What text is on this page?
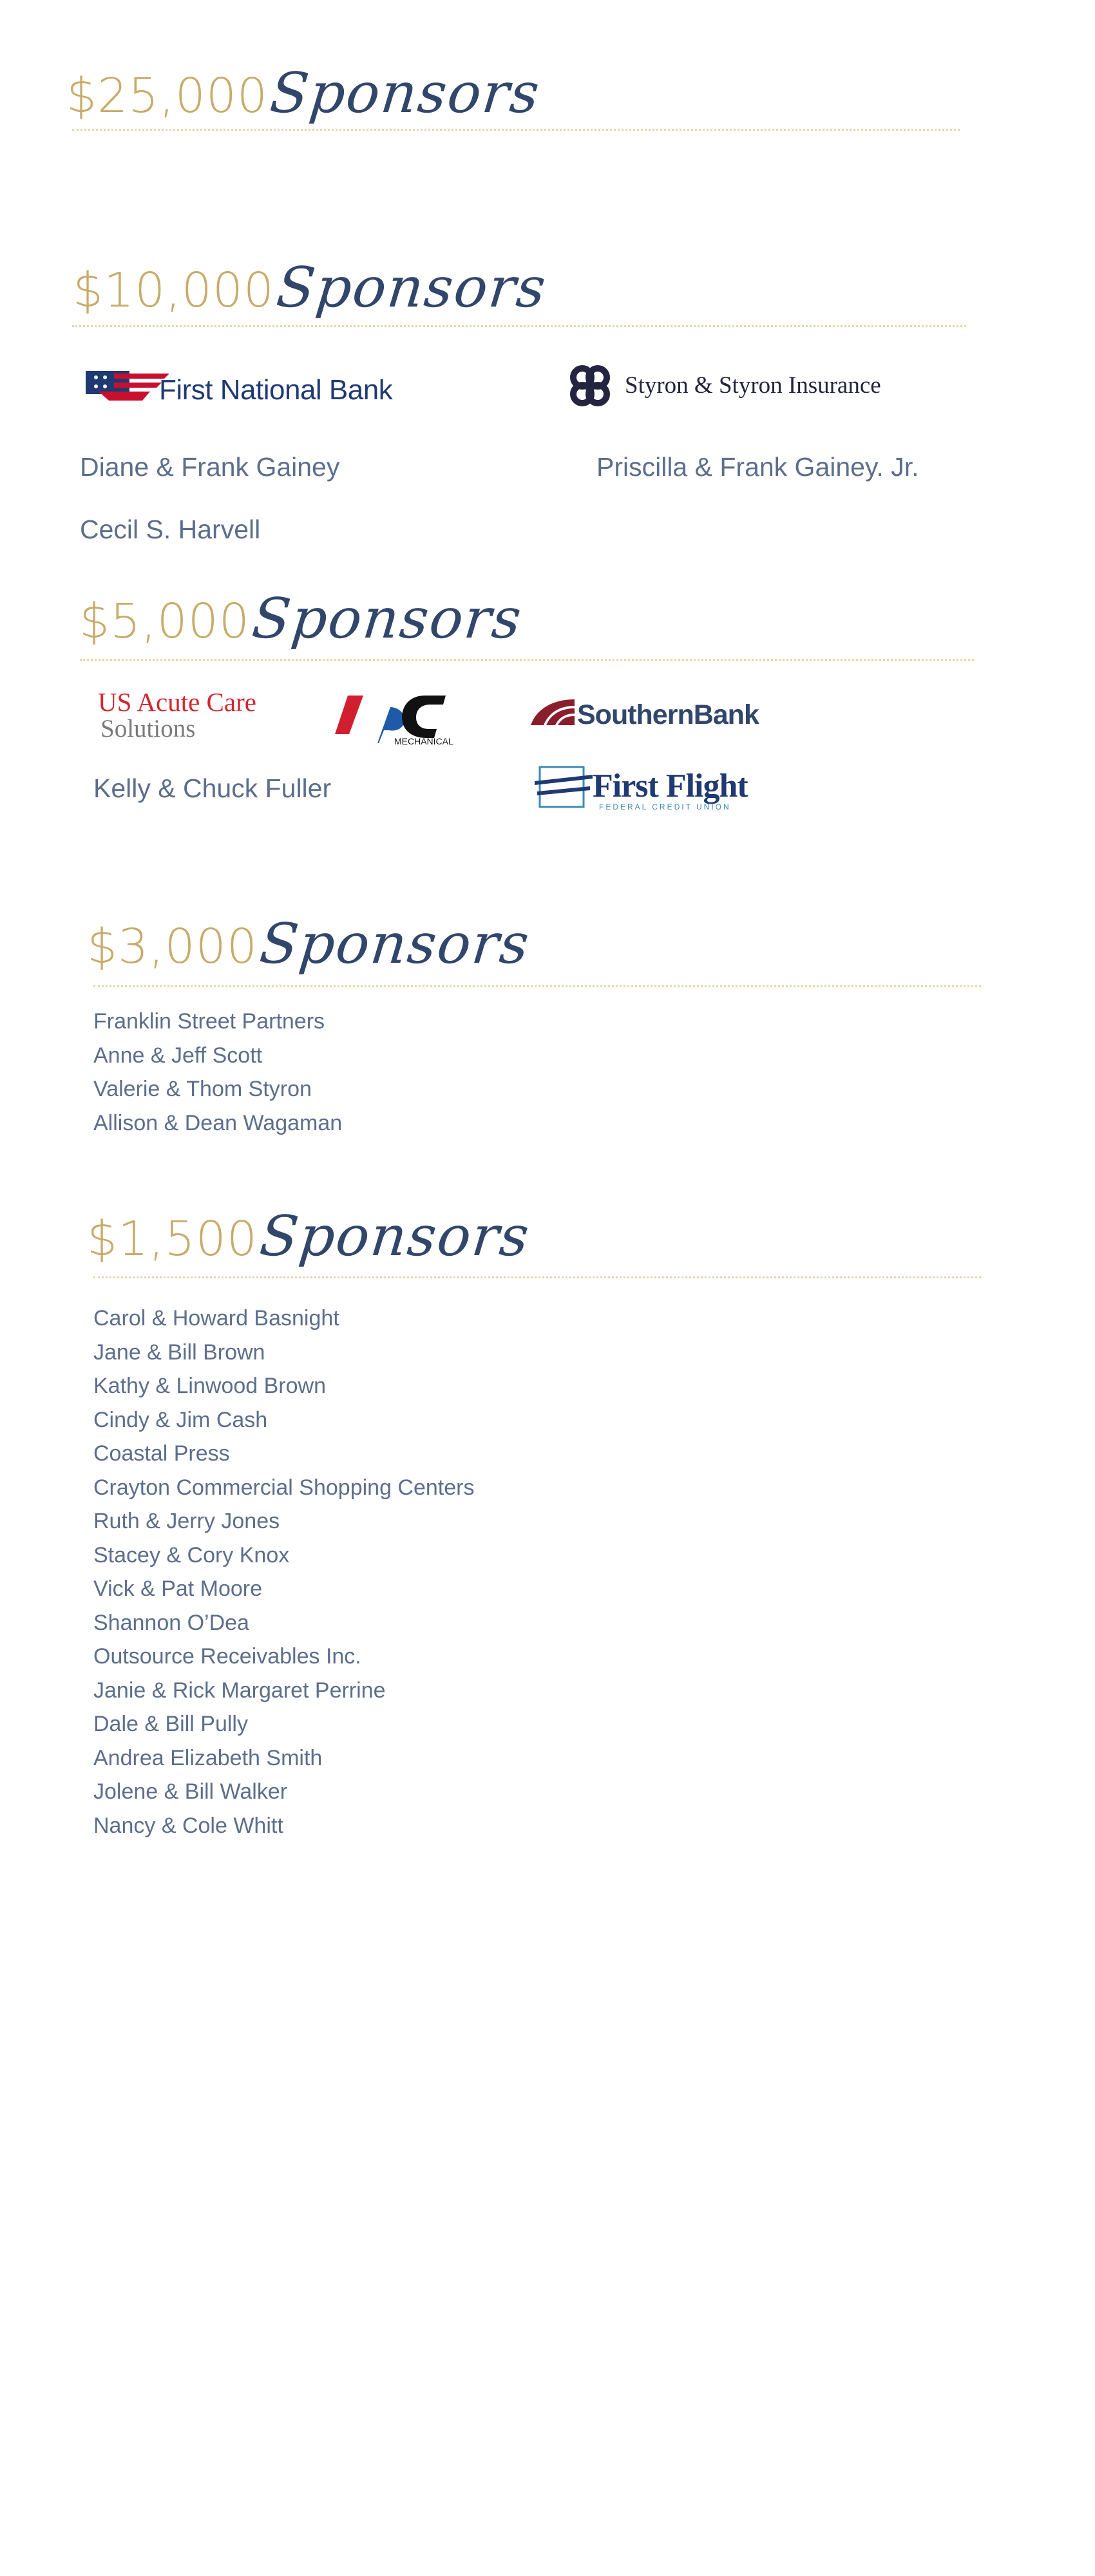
$25,000
Sponsors
$10,000
Sponsors
First National Bank	Styron & Styron Insurance
Diane & Frank Gainey	Priscilla & Frank Gainey. Jr.
Cecil S. Harvell
$5,000
Sponsors
US Acute Care
Solutions	MECHANICAL
SouthernBank
First Flight
FEDERAL CREDIT UNION
Kelly & Chuck Fuller
$3,000
Sponsors
Franklin Street Partners
Anne & Jeff Scott
Valerie & Thom Styron
Allison & Dean Wagaman
$1,500
Sponsors
Carol & Howard Basnight
Jane & Bill Brown
Kathy & Linwood Brown
Cindy & Jim Cash
Coastal Press
Crayton Commercial Shopping Centers
Ruth & Jerry Jones
Stacey & Cory Knox
Vick & Pat Moore
Shannon O’Dea
Outsource Receivables Inc.
Janie & Rick Margaret Perrine
Dale & Bill Pully
Andrea Elizabeth Smith
Jolene & Bill Walker
Nancy & Cole Whitt
